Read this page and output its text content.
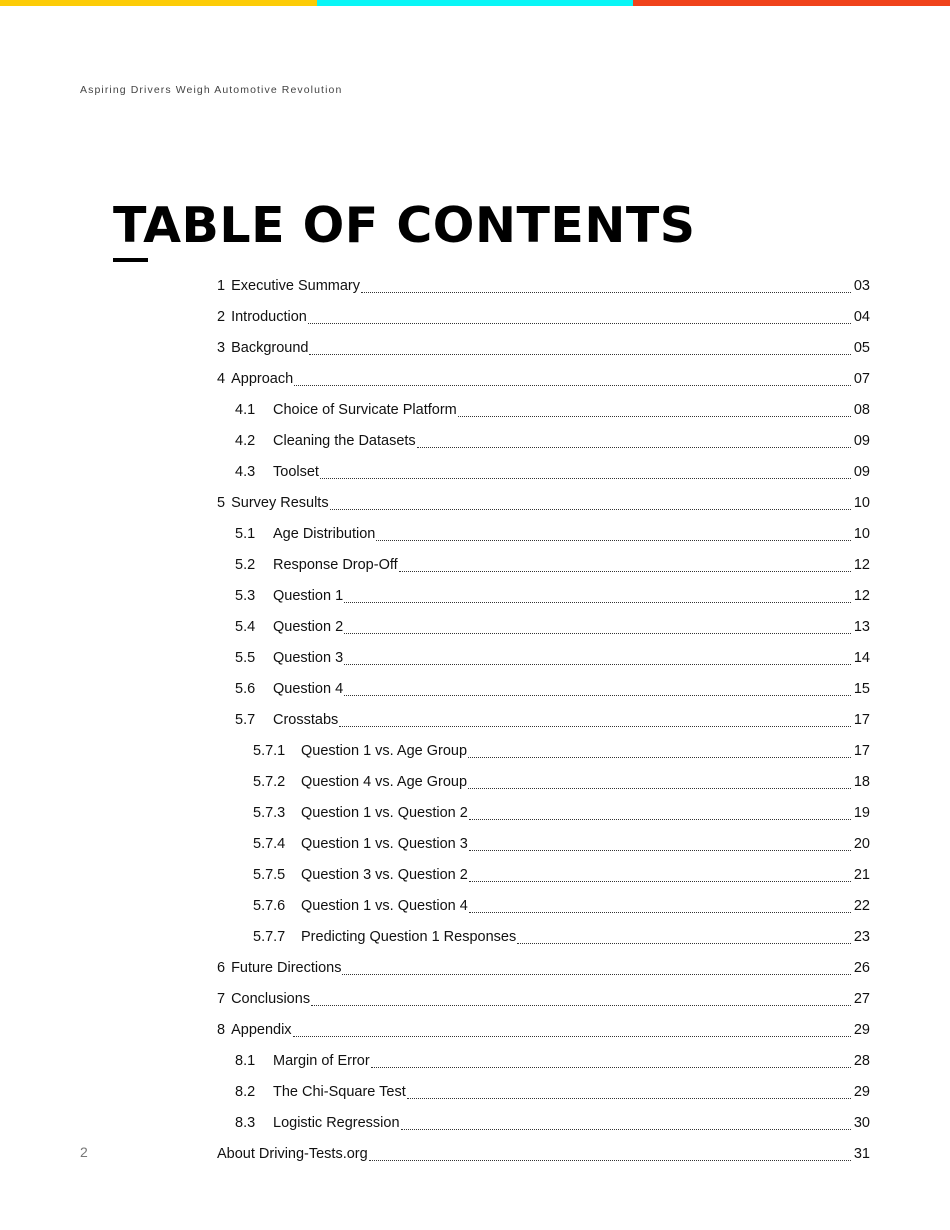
Aspiring Drivers Weigh Automotive Revolution
TABLE OF CONTENTS
1 Executive Summary	03
2 Introduction	04
3 Background	05
4 Approach	07
4.1	Choice of Survicate Platform	08
4.2	Cleaning the Datasets	09
4.3	Toolset	09
5 Survey Results	10
5.1	Age Distribution	10
5.2	Response Drop-Off	12
5.3	Question 1	12
5.4	Question 2	13
5.5	Question 3	14
5.6	Question 4	15
5.7	Crosstabs	17
5.7.1	Question 1 vs. Age Group	17
5.7.2	Question 4 vs. Age Group	18
5.7.3	Question 1 vs. Question 2	19
5.7.4	Question 1 vs. Question 3	20
5.7.5	Question 3 vs. Question 2	21
5.7.6	Question 1 vs. Question 4	22
5.7.7	Predicting Question 1 Responses	23
6 Future Directions	26
7 Conclusions	27
8 Appendix	29
8.1	Margin of Error	28
8.2	The Chi-Square Test	29
8.3	Logistic Regression	30
About Driving-Tests.org	31
2
